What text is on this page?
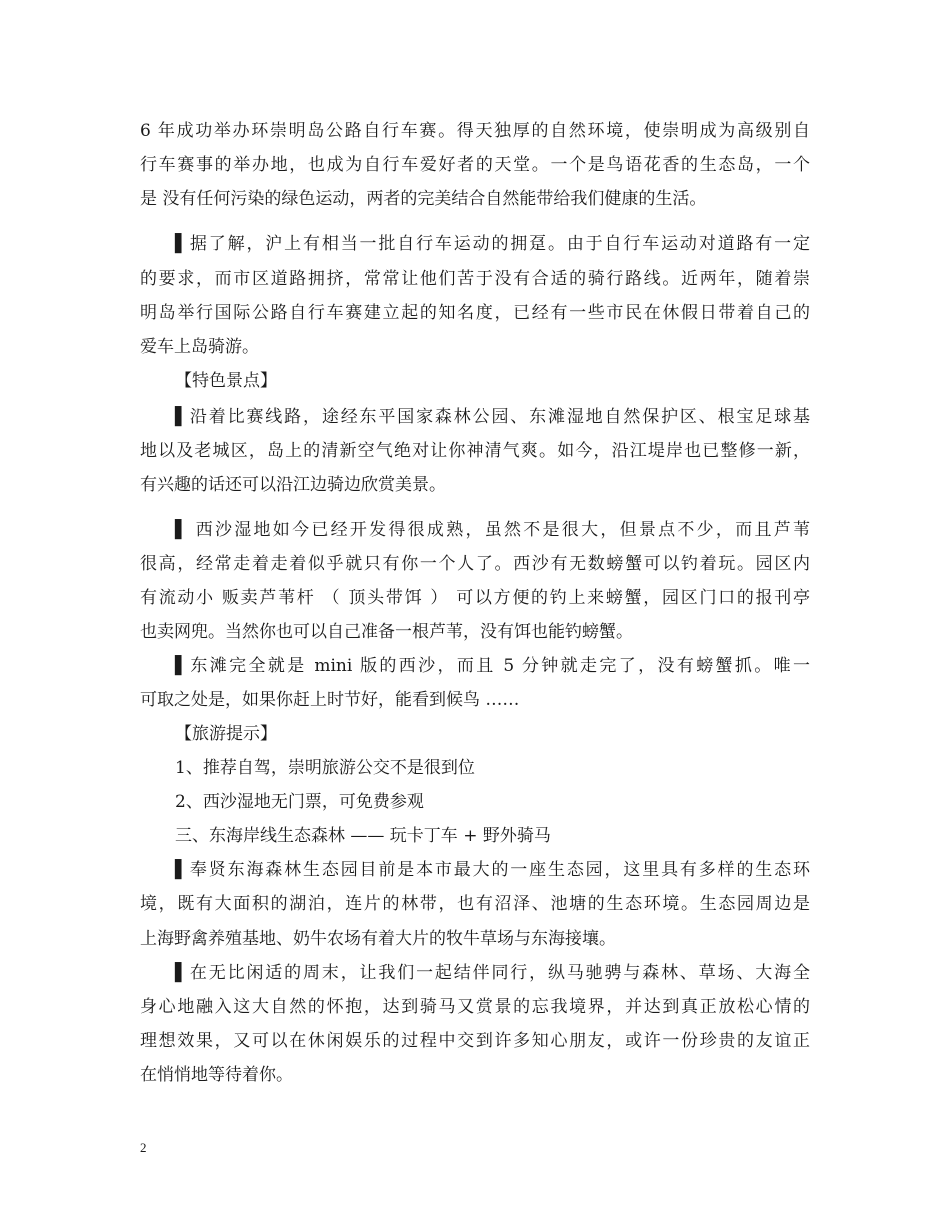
6 年成功举办环崇明岛公路自行车赛。得天独厚的自然环境，使崇明成为高级别自

行车赛事的举办地，也成为自行车爱好者的天堂。一个是鸟语花香的生态岛，一个

是 没有任何污染的绿色运动，两者的完美结合自然能带给我们健康的生活。

▌据了解，沪上有相当一批自行车运动的拥趸。由于自行车运动对道路有一定

的要求，而市区道路拥挤，常常让他们苦于没有合适的骑行路线。近两年，随着崇

明岛举行国际公路自行车赛建立起的知名度，已经有一些市民在休假日带着自己的

爱车上岛骑游。

【特色景点】

▌沿着比赛线路，途经东平国家森林公园、东滩湿地自然保护区、根宝足球基

地以及老城区，岛上的清新空气绝对让你神清气爽。如今，沿江堤岸也已整修一新，

有兴趣的话还可以沿江边骑边欣赏美景。

▌ 西沙湿地如今已经开发得很成熟，虽然不是很大，但景点不少，而且芦苇

很高，经常走着走着似乎就只有你一个人了。西沙有无数螃蟹可以钓着玩。园区内

有流动小 贩卖芦苇杆 （ 顶头带饵 ） 可以方便的钓上来螃蟹，园区门口的报刊亭

也卖网兜。当然你也可以自己准备一根芦苇，没有饵也能钓螃蟹。

▌东滩完全就是 mini 版的西沙，而且 5 分钟就走完了，没有螃蟹抓。唯一

可取之处是，如果你赶上时节好，能看到候鸟 ……

【旅游提示】

1、推荐自驾，崇明旅游公交不是很到位

2、西沙湿地无门票，可免费参观

三、东海岸线生态森林 —— 玩卡丁车 + 野外骑马

▌奉贤东海森林生态园目前是本市最大的一座生态园，这里具有多样的生态环

境，既有大面积的湖泊，连片的林带，也有沼泽、池塘的生态环境。生态园周边是

上海野禽养殖基地、奶牛农场有着大片的牧牛草场与东海接壤。

▌在无比闲适的周末，让我们一起结伴同行，纵马驰骋与森林、草场、大海全

身心地融入这大自然的怀抱，达到骑马又赏景的忘我境界，并达到真正放松心情的

理想效果，又可以在休闲娱乐的过程中交到许多知心朋友，或许一份珍贵的友谊正

在悄悄地等待着你。

2
